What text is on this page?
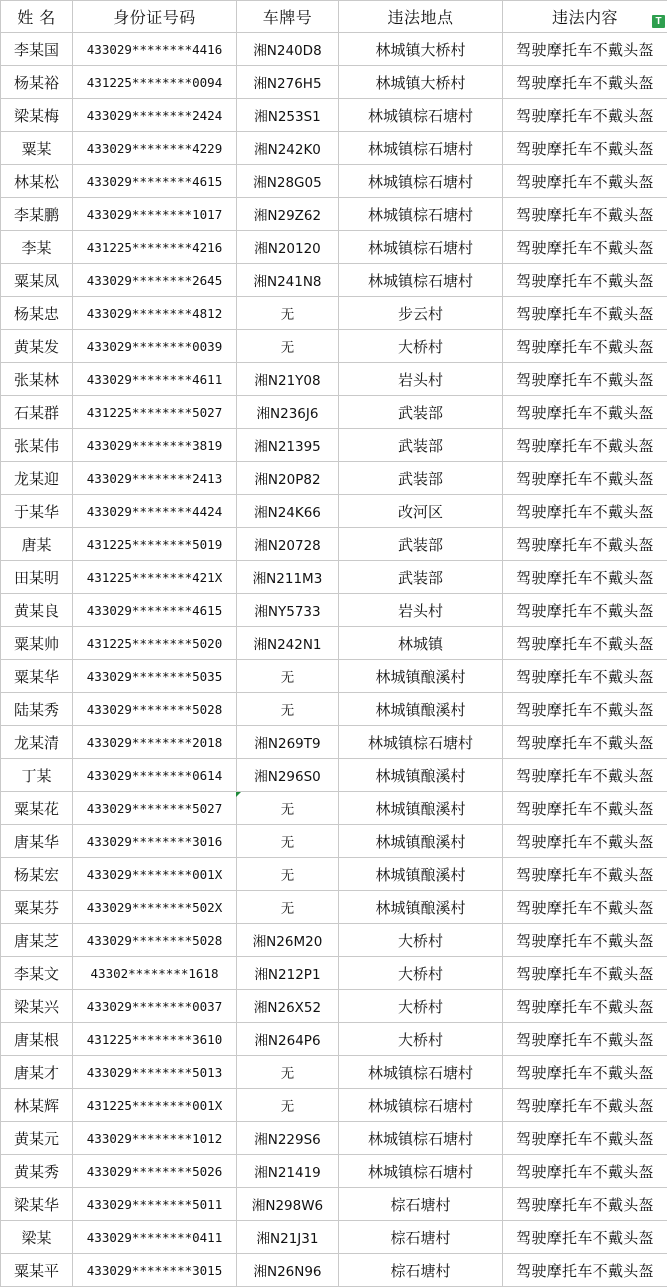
姓 名	身份证号码	车牌号	违法地点	违法内容
李某国	433029********4416	湘N240D8	林城镇大桥村	驾驶摩托车不戴头盔
杨某裕	431225********0094	湘N276H5	林城镇大桥村	驾驶摩托车不戴头盔
梁某梅	433029********2424	湘N253S1	林城镇棕石塘村	驾驶摩托车不戴头盔
粟某	433029********4229	湘N242K0	林城镇棕石塘村	驾驶摩托车不戴头盔
林某松	433029********4615	湘N28G05	林城镇棕石塘村	驾驶摩托车不戴头盔
李某鹏	433029********1017	湘N29Z62	林城镇棕石塘村	驾驶摩托车不戴头盔
李某	431225********4216	湘N20120	林城镇棕石塘村	驾驶摩托车不戴头盔
粟某凤	433029********2645	湘N241N8	林城镇棕石塘村	驾驶摩托车不戴头盔
杨某忠	433029********4812	无	步云村	驾驶摩托车不戴头盔
黄某发	433029********0039	无	大桥村	驾驶摩托车不戴头盔
张某林	433029********4611	湘N21Y08	岩头村	驾驶摩托车不戴头盔
石某群	431225********5027	湘N236J6	武装部	驾驶摩托车不戴头盔
张某伟	433029********3819	湘N21395	武装部	驾驶摩托车不戴头盔
龙某迎	433029********2413	湘N20P82	武装部	驾驶摩托车不戴头盔
于某华	433029********4424	湘N24K66	改河区	驾驶摩托车不戴头盔
唐某	431225********5019	湘N20728	武装部	驾驶摩托车不戴头盔
田某明	431225********421X	湘N211M3	武装部	驾驶摩托车不戴头盔
黄某良	433029********4615	湘NY5733	岩头村	驾驶摩托车不戴头盔
粟某帅	431225********5020	湘N242N1	林城镇	驾驶摩托车不戴头盔
粟某华	433029********5035	无	林城镇酿溪村	驾驶摩托车不戴头盔
陆某秀	433029********5028	无	林城镇酿溪村	驾驶摩托车不戴头盔
龙某清	433029********2018	湘N269T9	林城镇棕石塘村	驾驶摩托车不戴头盔
丁某	433029********0614	湘N296S0	林城镇酿溪村	驾驶摩托车不戴头盔
粟某花	433029********5027	无	林城镇酿溪村	驾驶摩托车不戴头盔
唐某华	433029********3016	无	林城镇酿溪村	驾驶摩托车不戴头盔
杨某宏	433029********001X	无	林城镇酿溪村	驾驶摩托车不戴头盔
粟某芬	433029********502X	无	林城镇酿溪村	驾驶摩托车不戴头盔
唐某芝	433029********5028	湘N26M20	大桥村	驾驶摩托车不戴头盔
李某文	43302********1618	湘N212P1	大桥村	驾驶摩托车不戴头盔
梁某兴	433029********0037	湘N26X52	大桥村	驾驶摩托车不戴头盔
唐某根	431225********3610	湘N264P6	大桥村	驾驶摩托车不戴头盔
唐某才	433029********5013	无	林城镇棕石塘村	驾驶摩托车不戴头盔
林某辉	431225********001X	无	林城镇棕石塘村	驾驶摩托车不戴头盔
黄某元	433029********1012	湘N229S6	林城镇棕石塘村	驾驶摩托车不戴头盔
黄某秀	433029********5026	湘N21419	林城镇棕石塘村	驾驶摩托车不戴头盔
梁某华	433029********5011	湘N298W6	棕石塘村	驾驶摩托车不戴头盔
梁某	433029********0411	湘N21J31	棕石塘村	驾驶摩托车不戴头盔
粟某平	433029********3015	湘N26N96	棕石塘村	驾驶摩托车不戴头盔
T
